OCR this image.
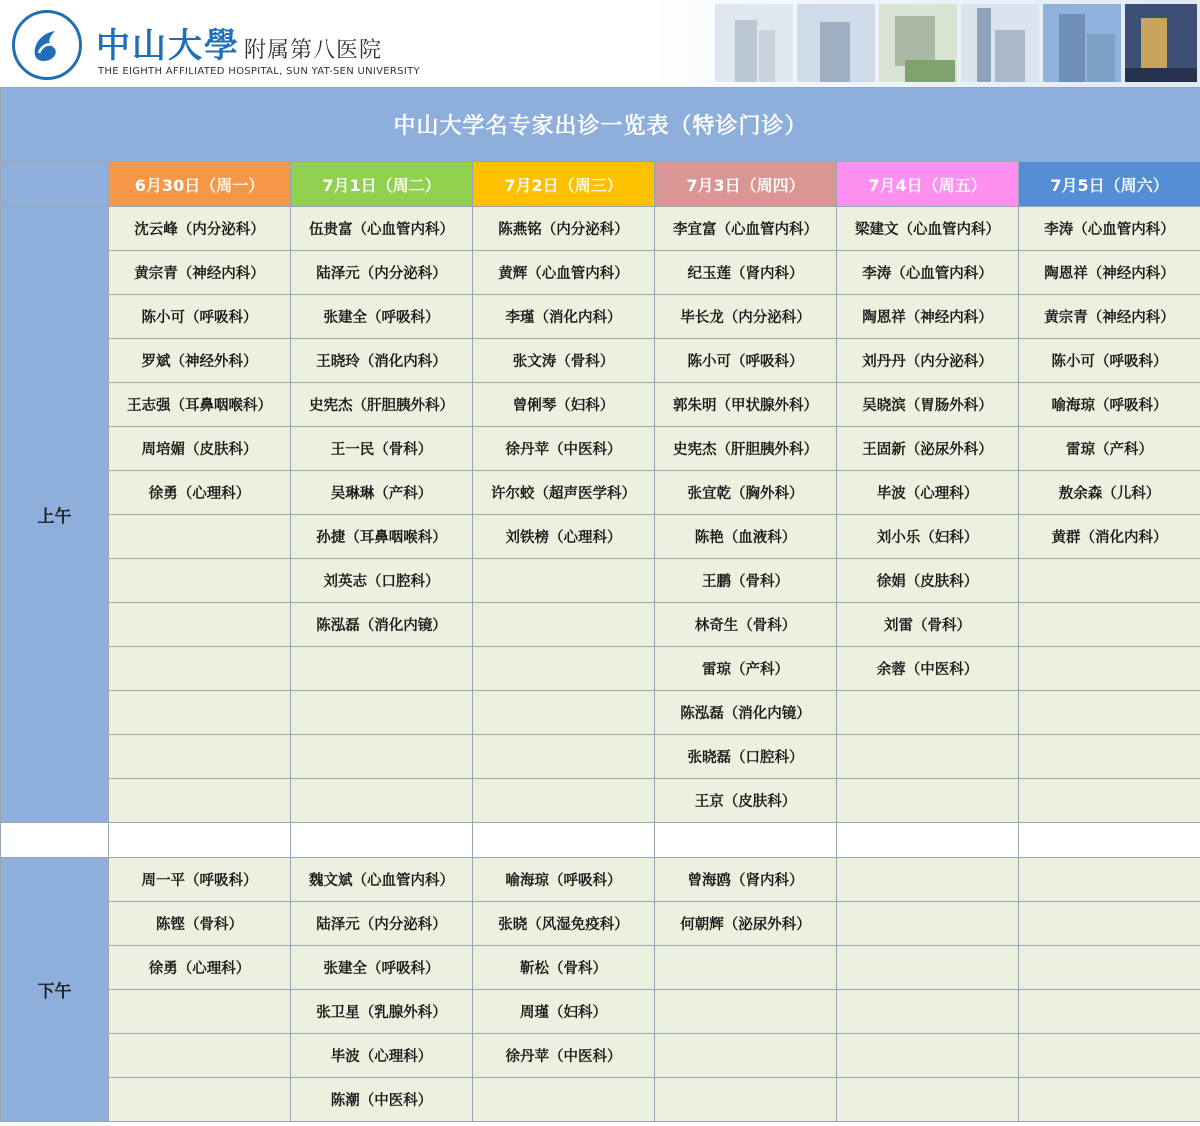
中山大學 附属第八医院
THE EIGHTH AFFILIATED HOSPITAL, SUN YAT-SEN UNIVERSITY
中山大学名专家出诊一览表（特诊门诊）						
	6月30日（周一）	7月1日（周二）	7月2日（周三）	7月3日（周四）	7月4日（周五）	7月5日（周六）
上午	沈云峰（内分泌科）	伍贵富（心血管内科）	陈燕铭（内分泌科）	李宜富（心血管内科）	梁建文（心血管内科）	李涛（心血管内科）
	黄宗青（神经内科）	陆泽元（内分泌科）	黄辉（心血管内科）	纪玉莲（肾内科）	李涛（心血管内科）	陶恩祥（神经内科）
	陈小可（呼吸科）	张建全（呼吸科）	李瑾（消化内科）	毕长龙（内分泌科）	陶恩祥（神经内科）	黄宗青（神经内科）
	罗斌（神经外科）	王晓玲（消化内科）	张文涛（骨科）	陈小可（呼吸科）	刘丹丹（内分泌科）	陈小可（呼吸科）
	王志强（耳鼻咽喉科）	史宪杰（肝胆胰外科）	曾俐琴（妇科）	郭朱明（甲状腺外科）	吴晓滨（胃肠外科）	喻海琼（呼吸科）
	周培媚（皮肤科）	王一民（骨科）	徐丹苹（中医科）	史宪杰（肝胆胰外科）	王固新（泌尿外科）	雷琼（产科）
	徐勇（心理科）	吴琳琳（产科）	许尔蛟（超声医学科）	张宜乾（胸外科）	毕波（心理科）	敖余森（儿科）
		孙捷（耳鼻咽喉科）	刘铁榜（心理科）	陈艳（血液科）	刘小乐（妇科）	黄群（消化内科）
		刘英志（口腔科）		王鹏（骨科）	徐娟（皮肤科）	
		陈泓磊（消化内镜）		林奇生（骨科）	刘雷（骨科）	
				雷琼（产科）	余蓉（中医科）	
				陈泓磊（消化内镜）		
				张晓磊（口腔科）		
				王京（皮肤科）		

下午	周一平（呼吸科）	魏文斌（心血管内科）	喻海琼（呼吸科）	曾海鸥（肾内科）		
	陈铿（骨科）	陆泽元（内分泌科）	张晓（风湿免疫科）	何朝辉（泌尿外科）		
	徐勇（心理科）	张建全（呼吸科）	靳松（骨科）			
		张卫星（乳腺外科）	周瑾（妇科）			
		毕波（心理科）	徐丹苹（中医科）			
		陈潮（中医科）				
